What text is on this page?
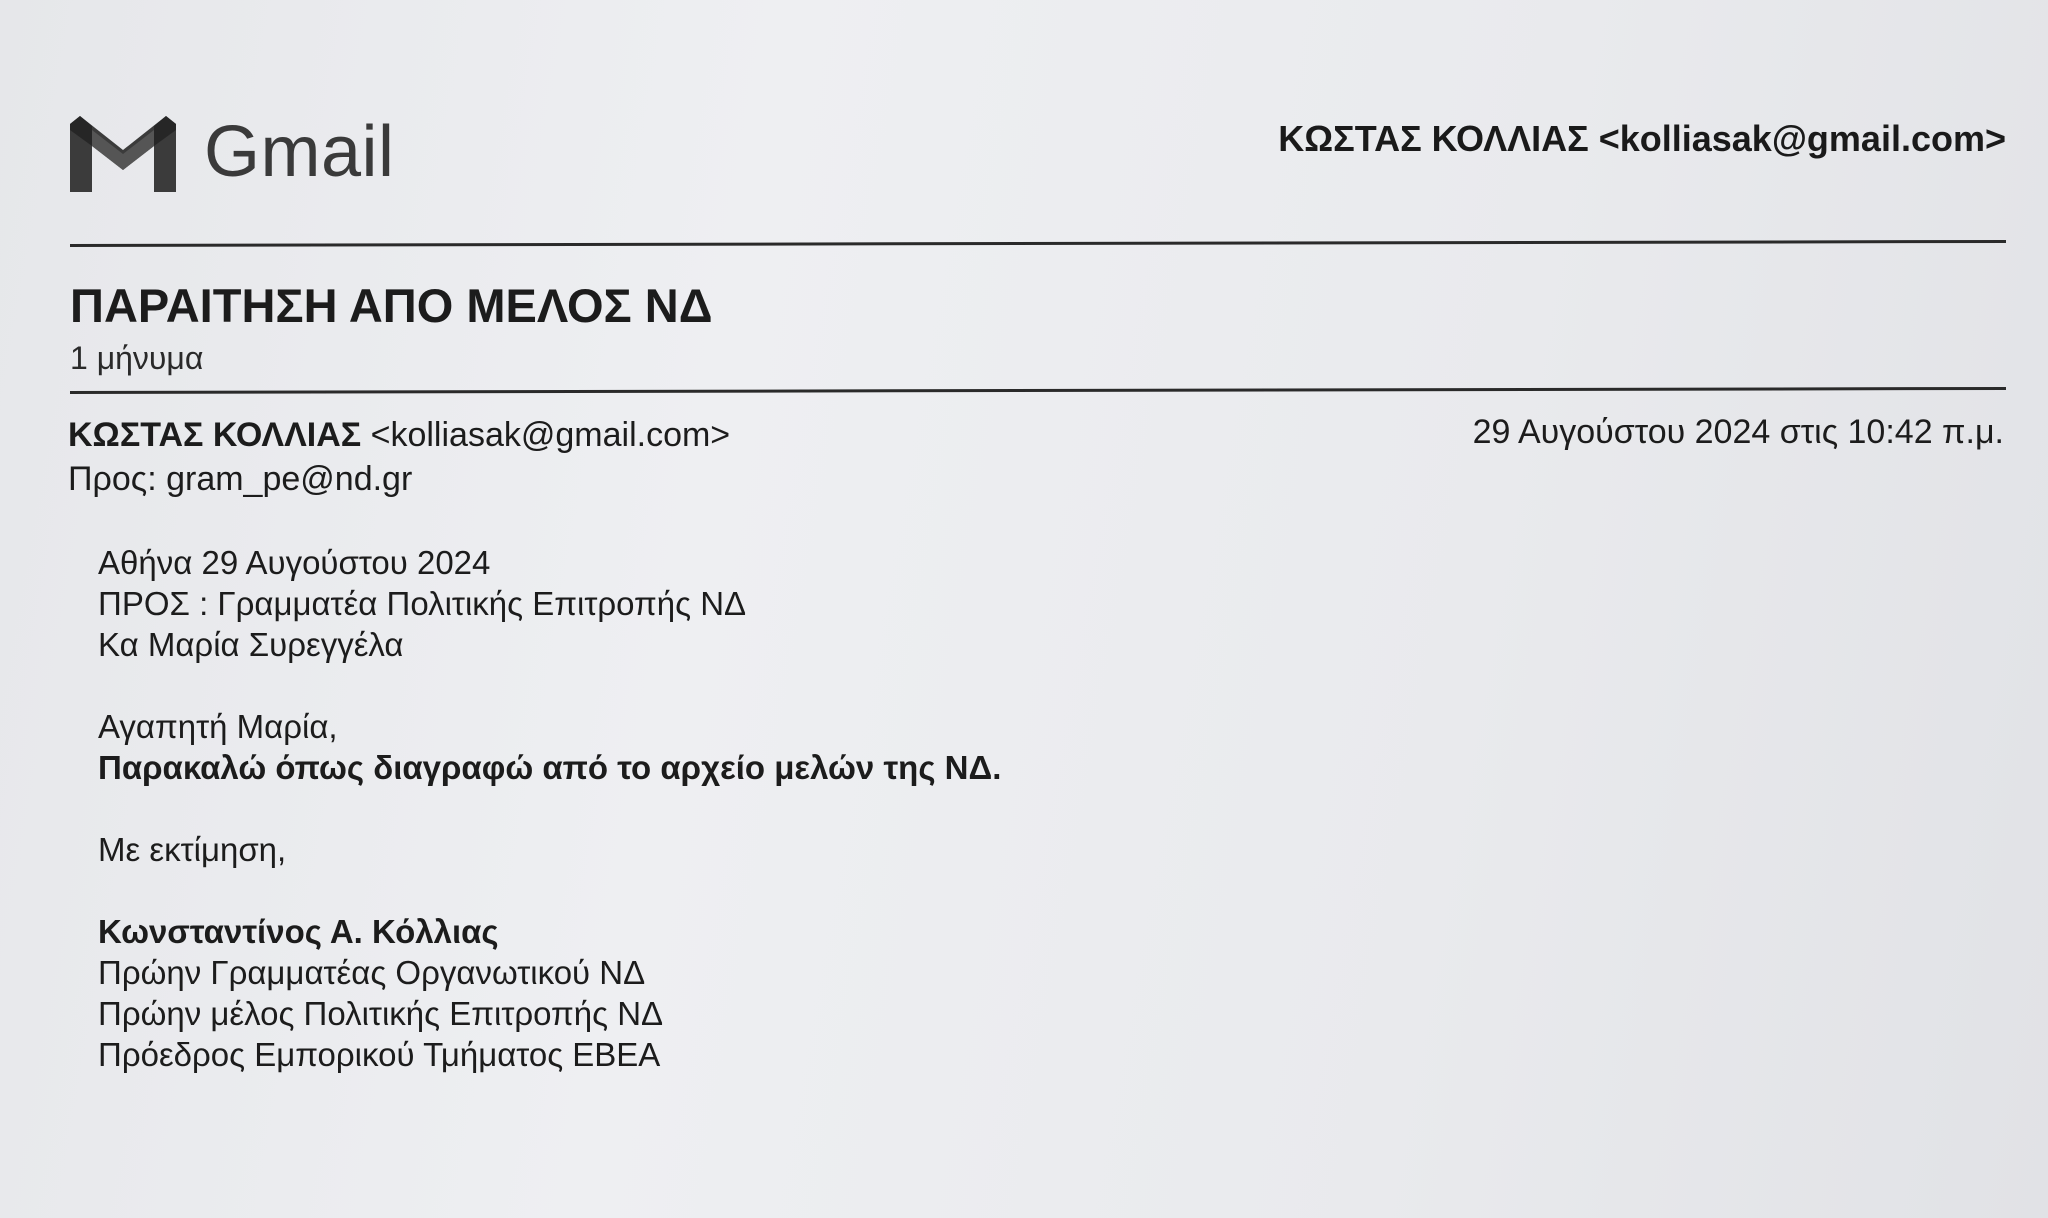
Gmail	ΚΩΣΤΑΣ ΚΟΛΛΙΑΣ <kolliasak@gmail.com>
ΠΑΡΑΙΤΗΣΗ ΑΠΟ ΜΕΛΟΣ ΝΔ
1 μήνυμα
ΚΩΣΤΑΣ ΚΟΛΛΙΑΣ <kolliasak@gmail.com>
Προς: gram_pe@nd.gr
29 Αυγούστου 2024 στις 10:42 π.μ.

Αθήνα 29 Αυγούστου 2024

ΠΡΟΣ : Γραμματέα Πολιτικής Επιτροπής ΝΔ

Κα Μαρία Συρεγγέλα

Αγαπητή Μαρία,

Παρακαλώ όπως διαγραφώ από το αρχείο μελών της ΝΔ.

Με εκτίμηση,

Κωνσταντίνος Α. Κόλλιας

Πρώην Γραμματέας Οργανωτικού ΝΔ

Πρώην μέλος Πολιτικής Επιτροπής ΝΔ

Πρόεδρος Εμπορικού Τμήματος ΕΒΕΑ
